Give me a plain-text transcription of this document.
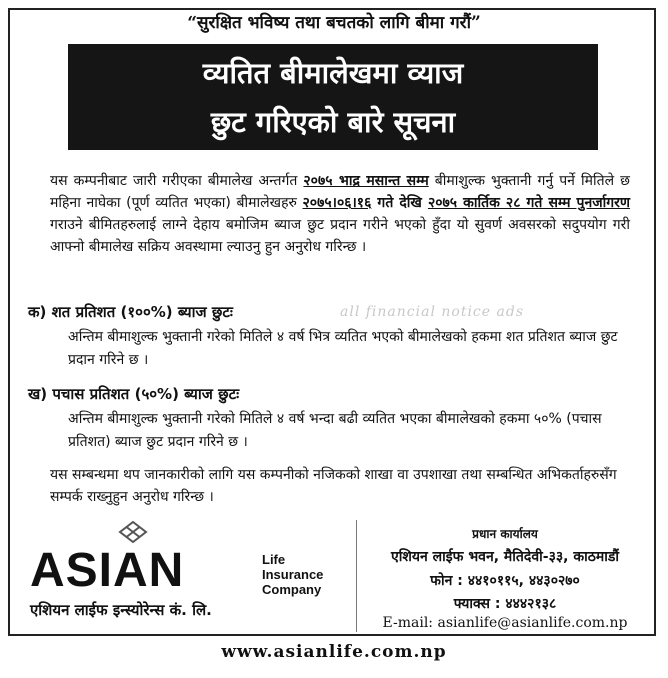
“सुरक्षित भविष्य तथा बचतको लागि बीमा गरौं”
व्यतित बीमालेखमा व्याज
छुट गरिएको बारे सूचना
यस कम्पनीबाट जारी गरीएका बीमालेख अन्तर्गत २०७५ भाद्र मसान्त सम्म बीमाशुल्क भुक्तानी गर्नु पर्ने मितिले छ महिना नाघेका (पूर्ण व्यतित भएका) बीमालेखहरु २०७५।०६।१६ गते देखि २०७५ कार्तिक २८ गते सम्म पुनर्जागरण गराउने बीमितहरुलाई लाग्ने देहाय बमोजिम ब्याज छुट प्रदान गरीने भएको हुँदा यो सुवर्ण अवसरको सदुपयोग गरी आफ्नो बीमालेख सक्रिय अवस्थामा ल्याउनु हुन अनुरोध गरिन्छ ।
all financial notice ads
क) शत प्रतिशत (१००%) ब्याज छुटः
अन्तिम बीमाशुल्क भुक्तानी गरेको मितिले ४ वर्ष भित्र व्यतित भएको बीमालेखको हकमा शत प्रतिशत ब्याज छुट प्रदान गरिने छ ।
ख) पचास प्रतिशत (५०%) ब्याज छुटः
अन्तिम बीमाशुल्क भुक्तानी गरेको मितिले ४ वर्ष भन्दा बढी व्यतित भएका बीमालेखको हकमा ५०% (पचास प्रतिशत) ब्याज छुट प्रदान गरिने छ ।
यस सम्बन्धमा थप जानकारीको लागि यस कम्पनीको नजिकको शाखा वा उपशाखा तथा सम्बन्धित अभिकर्ताहरुसँग सम्पर्क राख्नुहुन अनुरोध गरिन्छ ।
ASIAN	Life
Insurance
Company
एशियन लाईफ इन्स्योरेन्स कं. लि.
प्रधान कार्यालय
एशियन लाईफ भवन, मैतिदेवी-३३, काठमाडौं
फोन : ४४१०११५, ४४३०२७०
फ्याक्स : ४४४२१३८
E-mail: asianlife@asianlife.com.np
www.asianlife.com.np
